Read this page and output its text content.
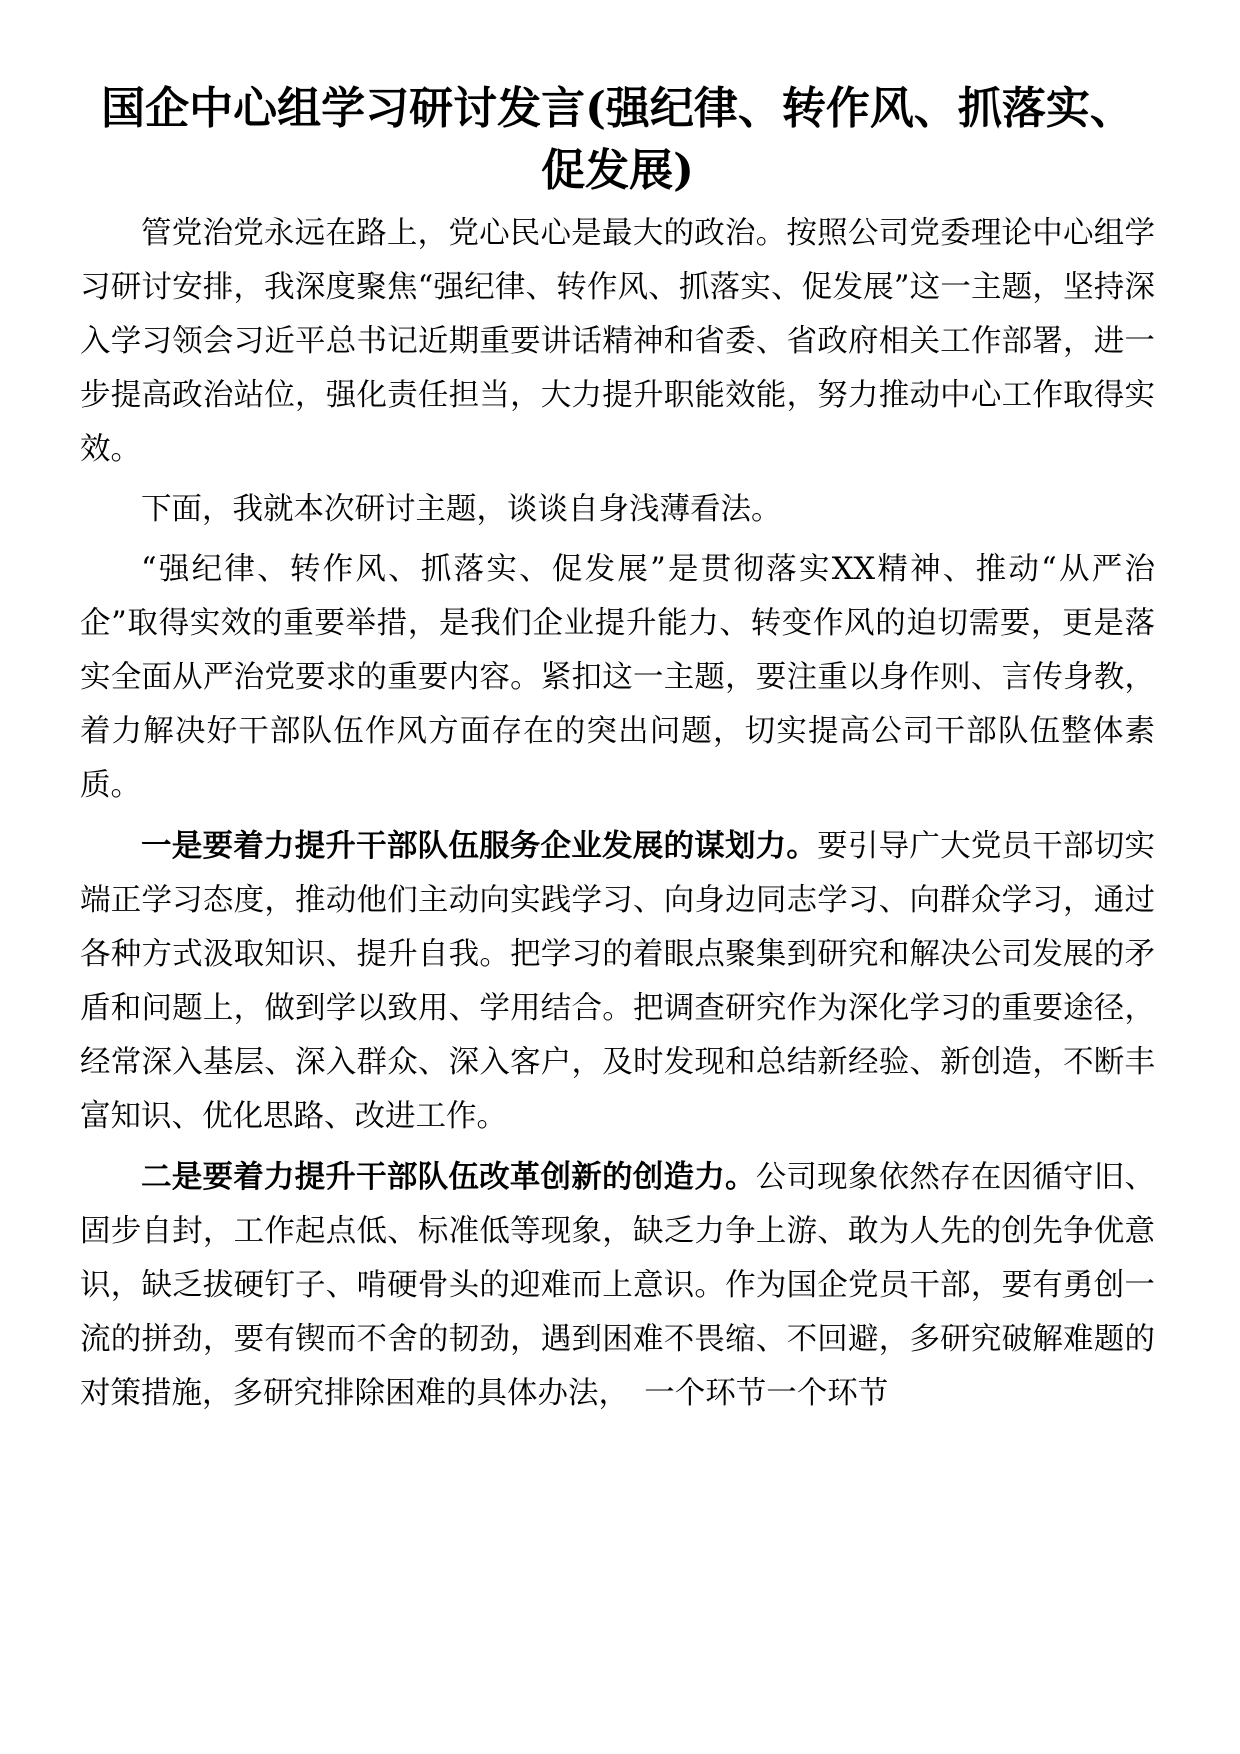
国企中心组学习研讨发言(强纪律、转作风、抓落实、促发展)

管党治党永远在路上，党心民心是最大的政治。按照公司党委理论中心组学习研讨安排，我深度聚焦“强纪律、转作风、抓落实、促发展”这一主题，坚持深入学习领会习近平总书记近期重要讲话精神和省委、省政府相关工作部署，进一步提高政治站位，强化责任担当，大力提升职能效能，努力推动中心工作取得实效。

下面，我就本次研讨主题，谈谈自身浅薄看法。

“强纪律、转作风、抓落实、促发展”是贯彻落实XX精神、推动“从严治企”取得实效的重要举措，是我们企业提升能力、转变作风的迫切需要，更是落实全面从严治党要求的重要内容。紧扣这一主题，要注重以身作则、言传身教，着力解决好干部队伍作风方面存在的突出问题，切实提高公司干部队伍整体素质。

一是要着力提升干部队伍服务企业发展的谋划力。要引导广大党员干部切实端正学习态度，推动他们主动向实践学习、向身边同志学习、向群众学习，通过各种方式汲取知识、提升自我。把学习的着眼点聚集到研究和解决公司发展的矛盾和问题上，做到学以致用、学用结合。把调查研究作为深化学习的重要途径，经常深入基层、深入群众、深入客户，及时发现和总结新经验、新创造，不断丰富知识、优化思路、改进工作。

二是要着力提升干部队伍改革创新的创造力。公司现象依然存在因循守旧、固步自封，工作起点低、标准低等现象，缺乏力争上游、敢为人先的创先争优意识，缺乏拔硬钉子、啃硬骨头的迎难而上意识。作为国企党员干部，要有勇创一流的拼劲，要有锲而不舍的韧劲，遇到困难不畏缩、不回避，多研究破解难题的对策措施，多研究排除困难的具体办法，　一个环节一个环节
